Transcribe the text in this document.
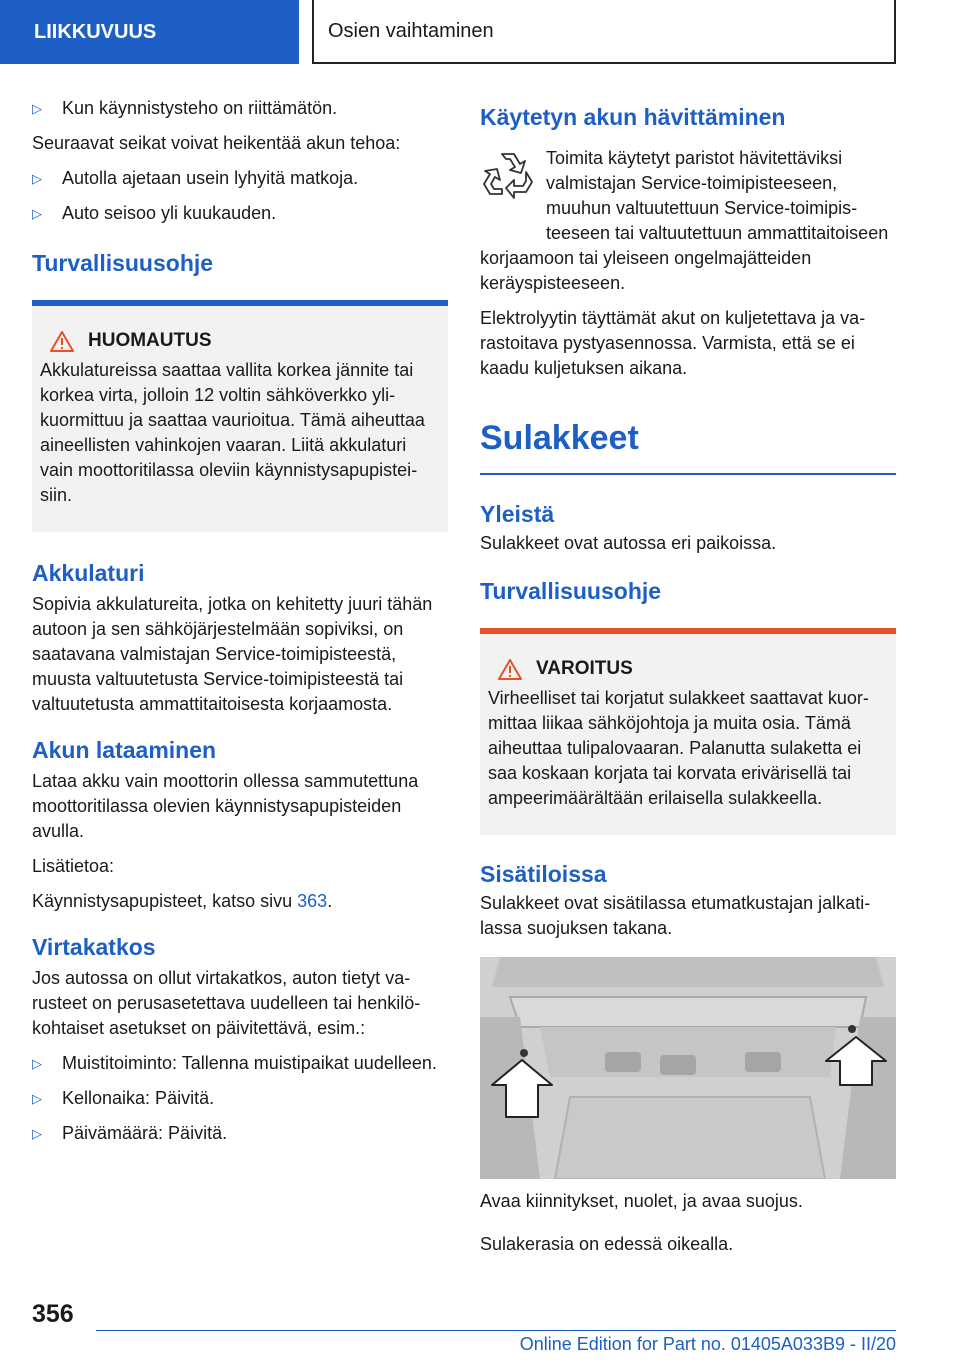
LIIKKUVUUS	Osien vaihtaminen
▷ Kun käynnistysteho on riittämätön.

Seuraavat seikat voivat heikentää akun tehoa:

▷ Autolla ajetaan usein lyhyitä matkoja.
▷ Auto seisoo yli kuukauden.
Turvallisuusohje
HUOMAUTUS

Akkulatureissa saattaa vallita korkea jännite tai korkea virta, jolloin 12 voltin sähköverkko ylikuormittuu ja saattaa vaurioitua. Tämä aiheuttaa aineellisten vahinkojen vaaran. Liitä akkulaturi vain moottoritilassa oleviin käynnistysapupisteisiin.

Akkulaturi

Sopivia akkulatureita, jotka on kehitetty juuri tähän autoon ja sen sähköjärjestelmään sopiviksi, on saatavana valmistajan Service-toimipisteestä, muusta valtuutetusta Service-toimipisteestä tai valtuutetusta ammattitaitoisesta korjaamosta.

Akun lataaminen

Lataa akku vain moottorin ollessa sammutettuna moottoritilassa olevien käynnistysapupisteiden avulla.

Lisätietoa:

Käynnistysapupisteet, katso sivu 363.

Virtakatkos

Jos autossa on ollut virtakatkos, auton tietyt varusteet on perusasetettava uudelleen tai henkilökohtaiset asetukset on päivitettävä, esim.:

▷ Muistitoiminto: Tallenna muistipaikat uudelleen.
▷ Kellonaika: Päivitä.
▷ Päivämäärä: Päivitä.
Käytetyn akun hävittäminen

Toimita käytetyt paristot hävitettäviksi valmistajan Service-toimipisteeseen, muuhun valtuutettuun Service-toimipisteeseen tai valtuutettuun ammattitaitoiseen korjaamoon tai yleiseen ongelmajätteiden keräyspisteeseen.

Elektrolyytin täyttämät akut on kuljetettava ja varastoitava pystyasennossa. Varmista, että se ei kaadu kuljetuksen aikana.

Sulakkeet
Yleistä

Sulakkeet ovat autossa eri paikoissa.

Turvallisuusohje
VAROITUS

Virheelliset tai korjatut sulakkeet saattavat kuormittaa liikaa sähköjohtoja ja muita osia. Tämä aiheuttaa tulipalovaaran. Palanutta sulaketta ei saa koskaan korjata tai korvata erivärisellä tai ampeerimäärältään erilaisella sulakkeella.

Sisätiloissa

Sulakkeet ovat sisätilassa etumatkustajan jalkatilassa suojuksen takana.

Avaa kiinnitykset, nuolet, ja avaa suojus.

Sulakerasia on edessä oikealla.

356
Online Edition for Part no. 01405A033B9 - II/20
